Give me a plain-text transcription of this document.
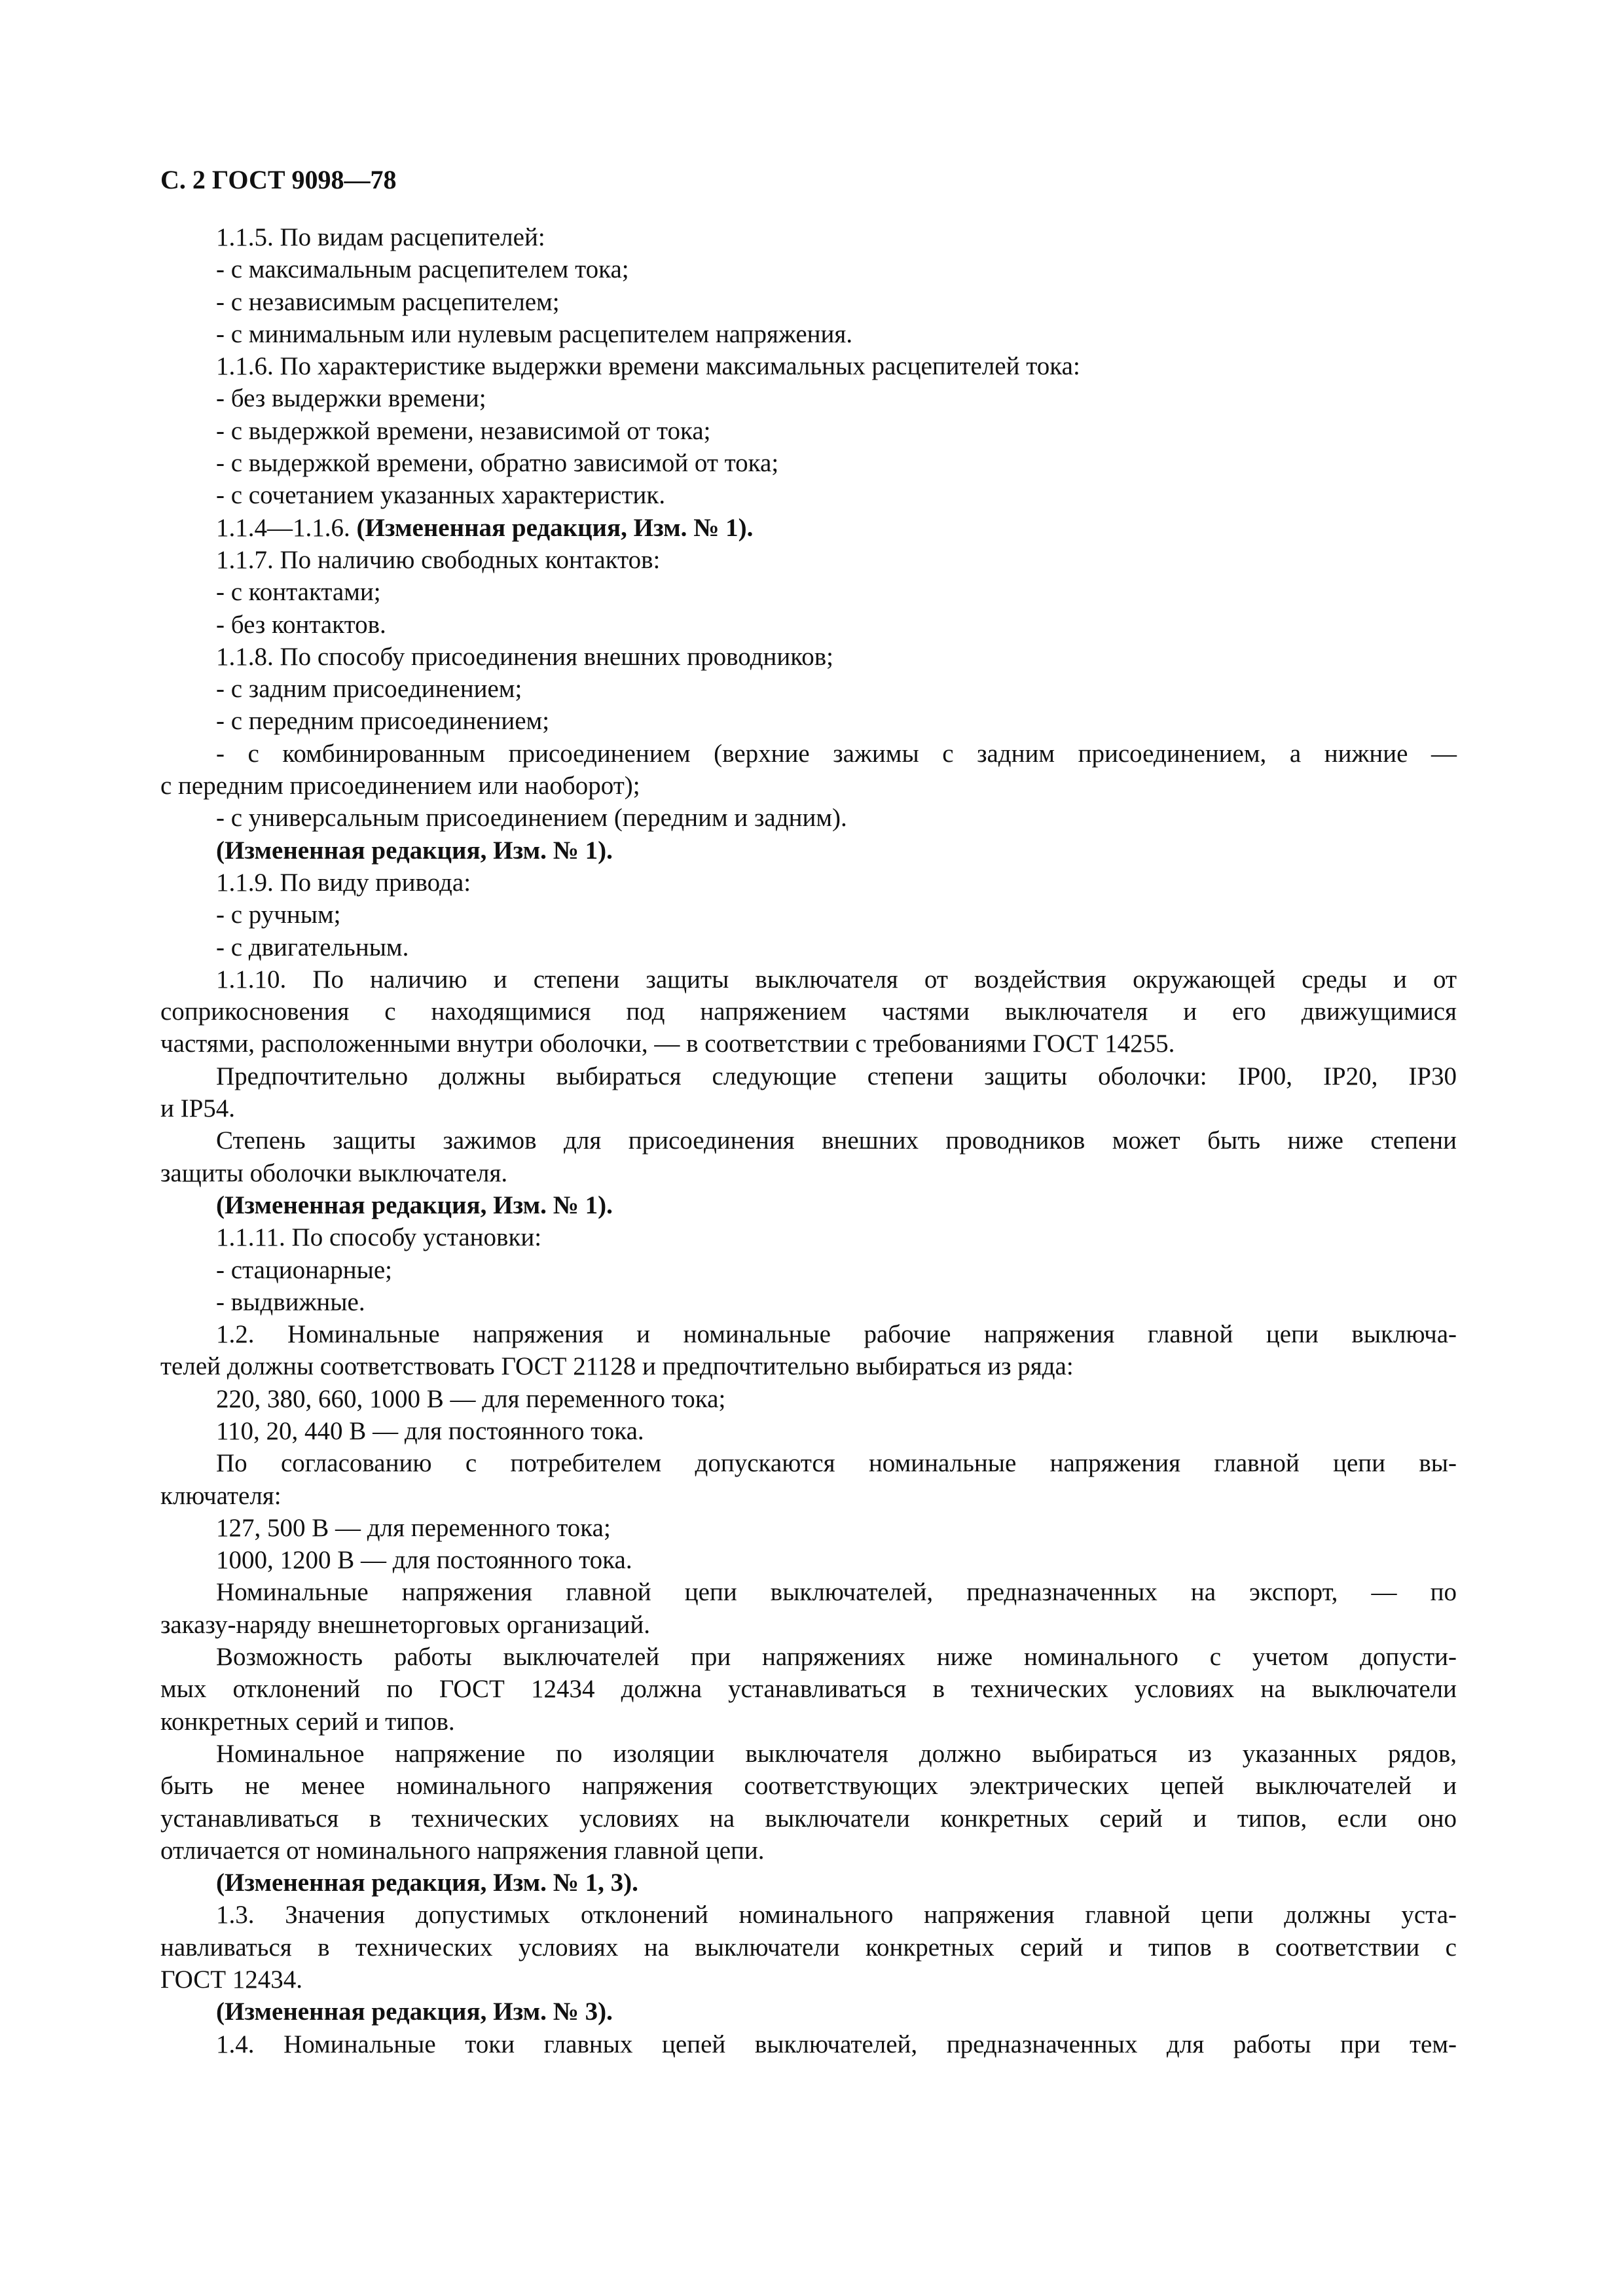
С. 2 ГОСТ 9098—78
1.1.5. По видам расцепителей:
- с максимальным расцепителем тока;
- с независимым расцепителем;
- с минимальным или нулевым расцепителем напряжения.
1.1.6. По характеристике выдержки времени максимальных расцепителей тока:
- без выдержки времени;
- с выдержкой времени, независимой от тока;
- с выдержкой времени, обратно зависимой от тока;
- с сочетанием указанных характеристик.
1.1.4—1.1.6. (Измененная редакция, Изм. № 1).
1.1.7. По наличию свободных контактов:
- с контактами;
- без контактов.
1.1.8. По способу присоединения внешних проводников;
- с задним присоединением;
- с передним присоединением;
- с комбинированным присоединением (верхние зажимы с задним присоединением, а нижние —
с передним присоединением или наоборот);
- с универсальным присоединением (передним и задним).
(Измененная редакция, Изм. № 1).
1.1.9. По виду привода:
- с ручным;
- с двигательным.
1.1.10. По наличию и степени защиты выключателя от воздействия окружающей среды и от
соприкосновения с находящимися под напряжением частями выключателя и его движущимися
частями, расположенными внутри оболочки, — в соответствии с требованиями ГОСТ 14255.
Предпочтительно должны выбираться следующие степени защиты оболочки: IP00, IP20, IP30
и IP54.
Степень защиты зажимов для присоединения внешних проводников может быть ниже степени
защиты оболочки выключателя.
(Измененная редакция, Изм. № 1).
1.1.11. По способу установки:
- стационарные;
- выдвижные.
1.2. Номинальные напряжения и номинальные рабочие напряжения главной цепи выключа-
телей должны соответствовать ГОСТ 21128 и предпочтительно выбираться из ряда:
220, 380, 660, 1000 В — для переменного тока;
110, 20, 440 В — для постоянного тока.
По согласованию с потребителем допускаются номинальные напряжения главной цепи вы-
ключателя:
127, 500 В — для переменного тока;
1000, 1200 В — для постоянного тока.
Номинальные напряжения главной цепи выключателей, предназначенных на экспорт, — по
заказу-наряду внешнеторговых организаций.
Возможность работы выключателей при напряжениях ниже номинального с учетом допусти-
мых отклонений по ГОСТ 12434 должна устанавливаться в технических условиях на выключатели
конкретных серий и типов.
Номинальное напряжение по изоляции выключателя должно выбираться из указанных рядов,
быть не менее номинального напряжения соответствующих электрических цепей выключателей и
устанавливаться в технических условиях на выключатели конкретных серий и типов, если оно
отличается от номинального напряжения главной цепи.
(Измененная редакция, Изм. № 1, 3).
1.3. Значения допустимых отклонений номинального напряжения главной цепи должны уста-
навливаться в технических условиях на выключатели конкретных серий и типов в соответствии с
ГОСТ 12434.
(Измененная редакция, Изм. № 3).
1.4. Номинальные токи главных цепей выключателей, предназначенных для работы при тем-
